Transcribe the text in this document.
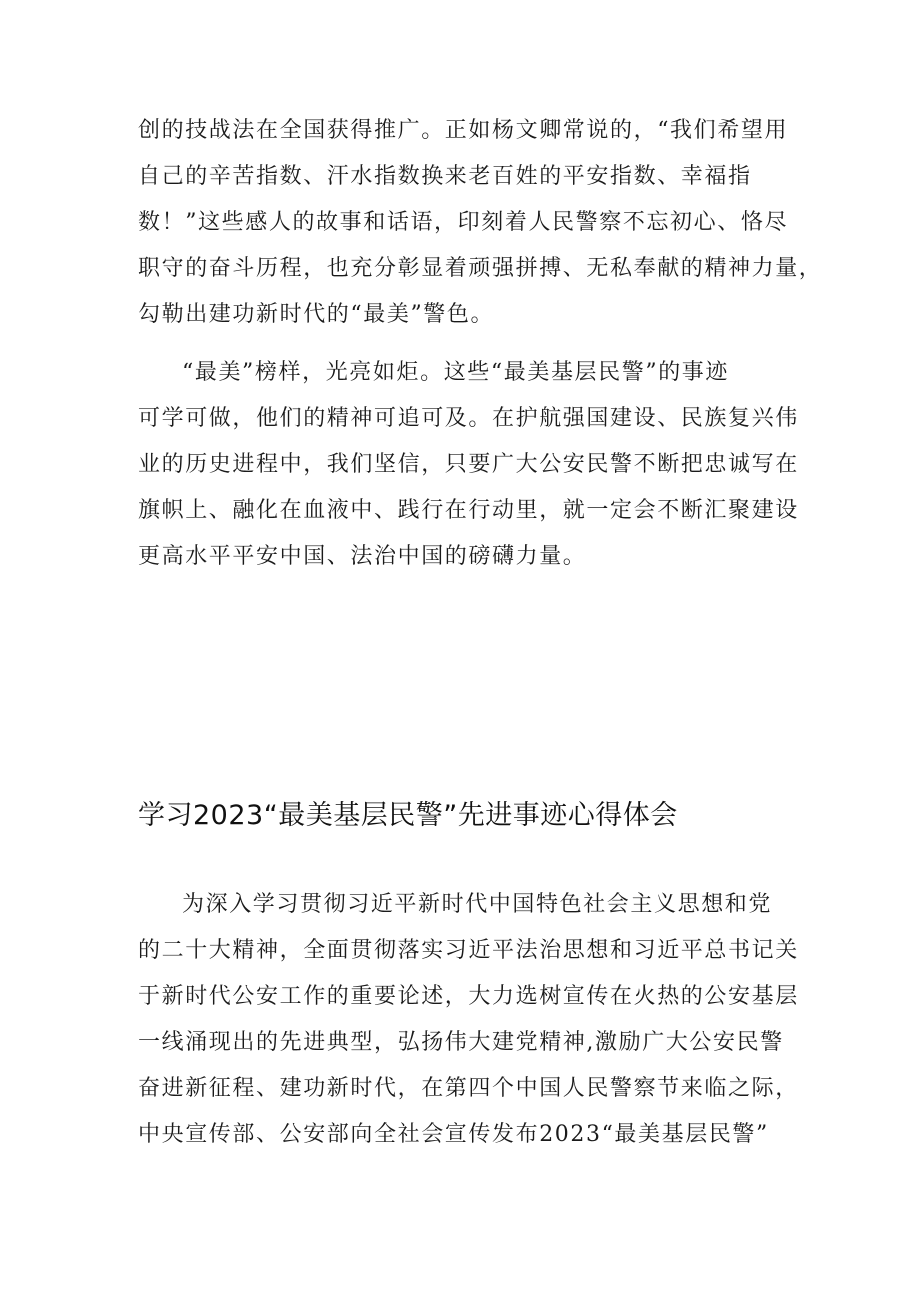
创的技战法在全国获得推广。正如杨文卿常说的，“我们希望用
自己的辛苦指数、汗水指数换来老百姓的平安指数、幸福指
数！”这些感人的故事和话语，印刻着人民警察不忘初心、恪尽
职守的奋斗历程，也充分彰显着顽强拼搏、无私奉献的精神力量，
勾勒出建功新时代的“最美”警色。
“最美”榜样，光亮如炬。这些“最美基层民警”的事迹
可学可做，他们的精神可追可及。在护航强国建设、民族复兴伟
业的历史进程中，我们坚信，只要广大公安民警不断把忠诚写在
旗帜上、融化在血液中、践行在行动里，就一定会不断汇聚建设
更高水平平安中国、法治中国的磅礴力量。
学习2023“最美基层民警”先进事迹心得体会
为深入学习贯彻习近平新时代中国特色社会主义思想和党
的二十大精神，全面贯彻落实习近平法治思想和习近平总书记关
于新时代公安工作的重要论述，大力选树宣传在火热的公安基层
一线涌现出的先进典型，弘扬伟大建党精神,激励广大公安民警
奋进新征程、建功新时代，在第四个中国人民警察节来临之际，
中央宣传部、公安部向全社会宣传发布2023“最美基层民警”
